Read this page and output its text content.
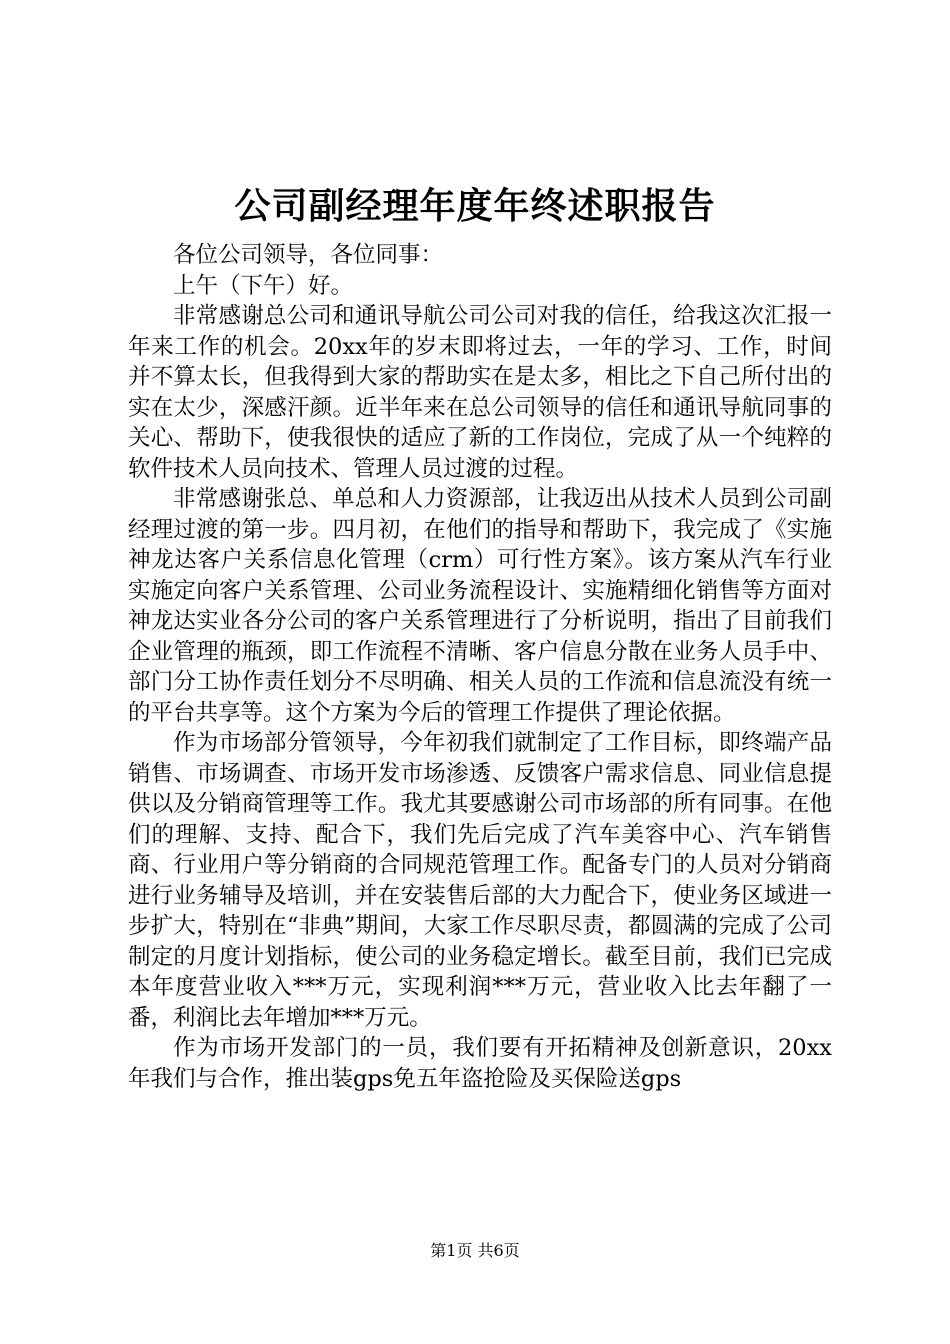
公司副经理年度年终述职报告

各位公司领导，各位同事：

上午（下午）好。

非常感谢总公司和通讯导航公司公司对我的信任，给我这次汇报一年来工作的机会。20xx年的岁末即将过去，一年的学习、工作，时间并不算太长，但我得到大家的帮助实在是太多，相比之下自己所付出的实在太少，深感汗颜。近半年来在总公司领导的信任和通讯导航同事的关心、帮助下，使我很快的适应了新的工作岗位，完成了从一个纯粹的软件技术人员向技术、管理人员过渡的过程。

非常感谢张总、单总和人力资源部，让我迈出从技术人员到公司副经理过渡的第一步。四月初，在他们的指导和帮助下，我完成了《实施神龙达客户关系信息化管理（crm）可行性方案》。该方案从汽车行业实施定向客户关系管理、公司业务流程设计、实施精细化销售等方面对神龙达实业各分公司的客户关系管理进行了分析说明，指出了目前我们企业管理的瓶颈，即工作流程不清晰、客户信息分散在业务人员手中、部门分工协作责任划分不尽明确、相关人员的工作流和信息流没有统一的平台共享等。这个方案为今后的管理工作提供了理论依据。

作为市场部分管领导，今年初我们就制定了工作目标，即终端产品销售、市场调查、市场开发市场渗透、反馈客户需求信息、同业信息提供以及分销商管理等工作。我尤其要感谢公司市场部的所有同事。在他们的理解、支持、配合下，我们先后完成了汽车美容中心、汽车销售商、行业用户等分销商的合同规范管理工作。配备专门的人员对分销商进行业务辅导及培训，并在安装售后部的大力配合下，使业务区域进一步扩大，特别在“非典”期间，大家工作尽职尽责，都圆满的完成了公司制定的月度计划指标，使公司的业务稳定增长。截至目前，我们已完成本年度营业收入***万元，实现利润***万元，营业收入比去年翻了一番，利润比去年增加***万元。

作为市场开发部门的一员，我们要有开拓精神及创新意识，20xx年我们与合作，推出装gps免五年盗抢险及买保险送gps

第1页 共6页
